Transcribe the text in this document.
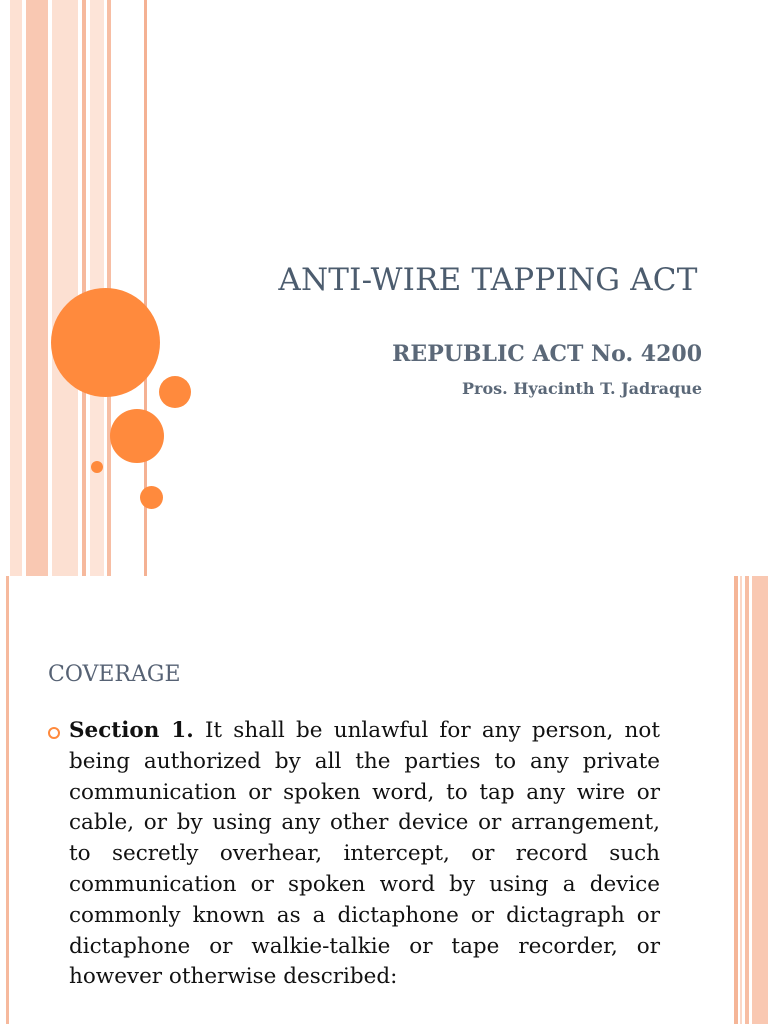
ANTI-WIRE TAPPING ACT
REPUBLIC ACT No. 4200

Pros. Hyacinth T. Jadraque

COVERAGE

Section 1. It shall be unlawful for any person, not being authorized by all the parties to any private communication or spoken word, to tap any wire or cable, or by using any other device or arrangement, to secretly overhear, intercept, or record such communication or spoken word by using a device commonly known as a dictaphone or dictagraph or dictaphone or walkie-talkie or tape recorder, or however otherwise described:
